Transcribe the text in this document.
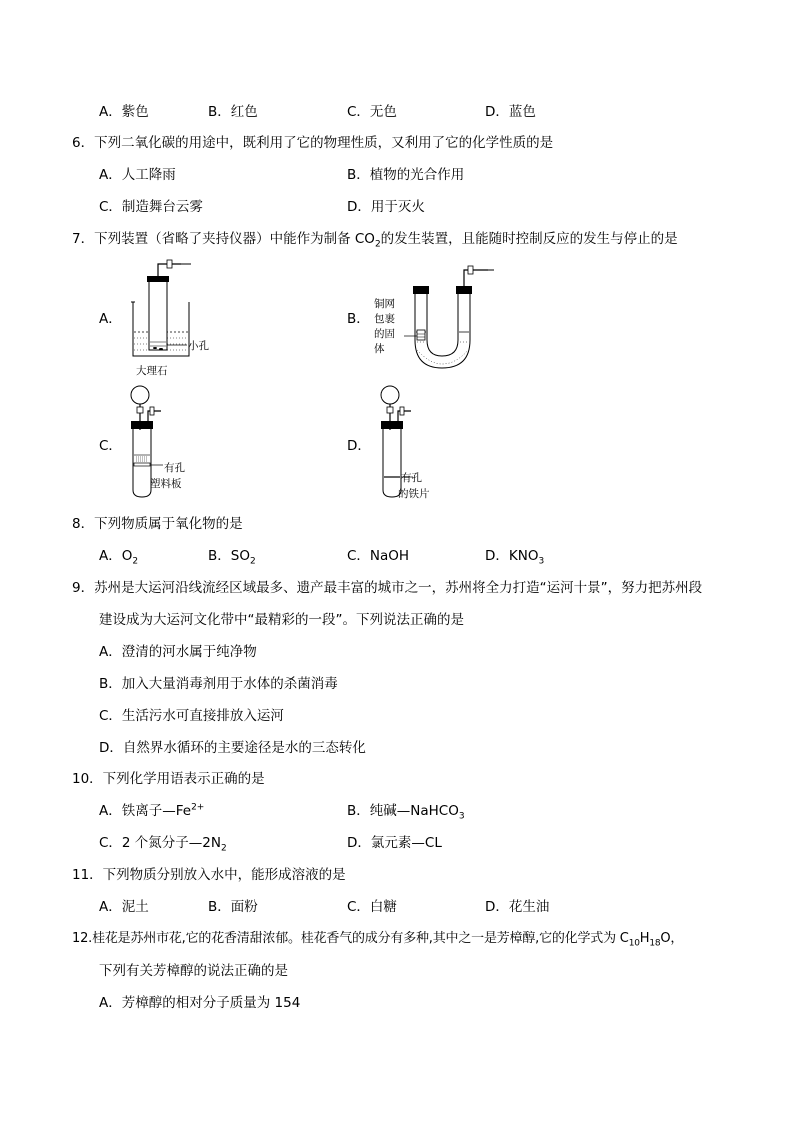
A．紫色	B．红色	C．无色	D．蓝色
6．下列二氧化碳的用途中，既利用了它的物理性质，又利用了它的化学性质的是
A．人工降雨	B．植物的光合作用
C．制造舞台云雾	D．用于灭火
7．下列装置（省略了夹持仪器）中能作为制备 $CO_2$的发生装置，且能随时控制反应的发生与停止的是
A．	B．
C．	D．
小孔
大理石
铜网
包裹
的固
体
有孔
塑料板	有孔
的铁片
8．下列物质属于氧化物的是
A．$O_2$	B．$SO_2$	C．NaOH	D．$KNO_3$
9．苏州是大运河沿线流经区域最多、遗产最丰富的城市之一，苏州将全力打造“运河十景”，努力把苏州段
建设成为大运河文化带中“最精彩的一段”。下列说法正确的是
A．澄清的河水属于纯净物
B．加入大量消毒剂用于水体的杀菌消毒
C．生活污水可直接排放入运河
D．自然界水循环的主要途径是水的三态转化
10．下列化学用语表示正确的是
A．铁离子$—Fe^{2+}$	B．纯碱—NaHCO$_3$
C．2 个氮分子$—2N_2$	D．氯元素—CL
11．下列物质分别放入水中，能形成溶液的是
A．泥土	B．面粉	C．白糖	D．花生油
12.桂花是苏州市花,它的花香清甜浓郁。桂花香气的成分有多种,其中之一是芳樟醇,它的化学式为 $C_{10}H_{18}O$，
下列有关芳樟醇的说法正确的是
A．芳樟醇的相对分子质量为 154
